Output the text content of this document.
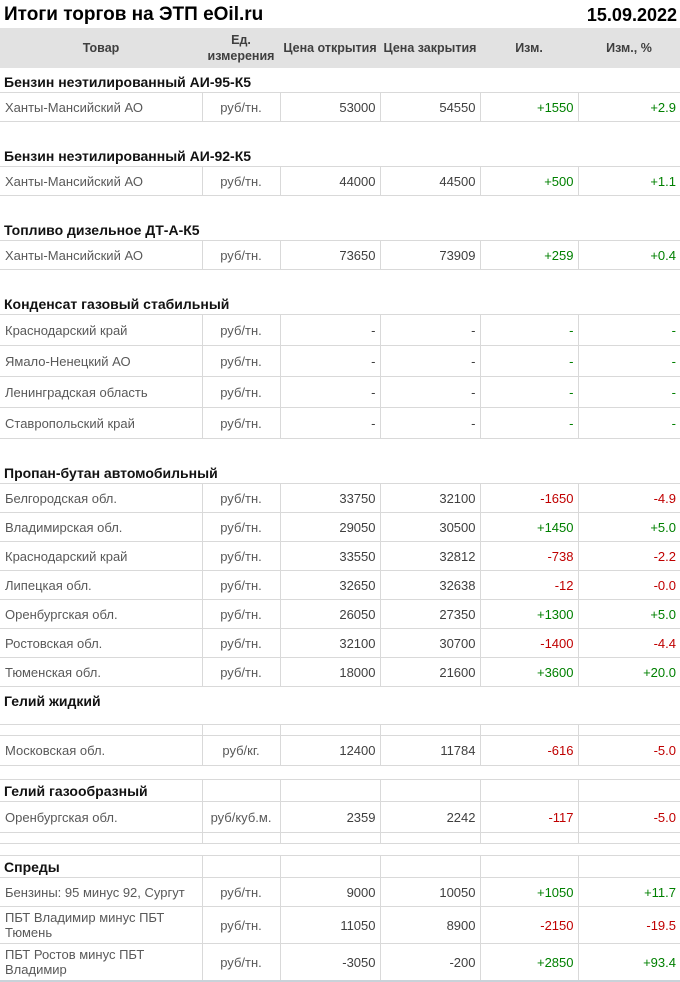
Итоги торгов на ЭТП eOil.ru	15.09.2022
Товар	Ед. измерения	Цена открытия	Цена закрытия	Изм.	Изм., %

Бензин неэтилированный АИ-95-К5					
Ханты-Мансийский АО	руб/тн.	53000	54550	+1550	+2.9

Бензин неэтилированный АИ-92-К5					
Ханты-Мансийский АО	руб/тн.	44000	44500	+500	+1.1

Топливо дизельное ДТ-А-К5					
Ханты-Мансийский АО	руб/тн.	73650	73909	+259	+0.4

Конденсат газовый стабильный					
Краснодарский край	руб/тн.	-	-	-	-
Ямало-Ненецкий АО	руб/тн.	-	-	-	-
Ленинградская область	руб/тн.	-	-	-	-
Ставропольский край	руб/тн.	-	-	-	-

Пропан-бутан автомобильный					
Белгородская обл.	руб/тн.	33750	32100	-1650	-4.9
Владимирская обл.	руб/тн.	29050	30500	+1450	+5.0
Краснодарский край	руб/тн.	33550	32812	-738	-2.2
Липецкая обл.	руб/тн.	32650	32638	-12	-0.0
Оренбургская обл.	руб/тн.	26050	27350	+1300	+5.0
Ростовская обл.	руб/тн.	32100	30700	-1400	-4.4
Тюменская обл.	руб/тн.	18000	21600	+3600	+20.0
Гелий жидкий					

Московская обл.	руб/кг.	12400	11784	-616	-5.0

Гелий газообразный					
Оренбургская обл.	руб/куб.м.	2359	2242	-117	-5.0

Спреды					
Бензины: 95 минус 92, Сургут	руб/тн.	9000	10050	+1050	+11.7
ПБТ Владимир минус ПБТ Тюмень	руб/тн.	11050	8900	-2150	-19.5
ПБТ Ростов минус ПБТ Владимир	руб/тн.	-3050	-200	+2850	+93.4
